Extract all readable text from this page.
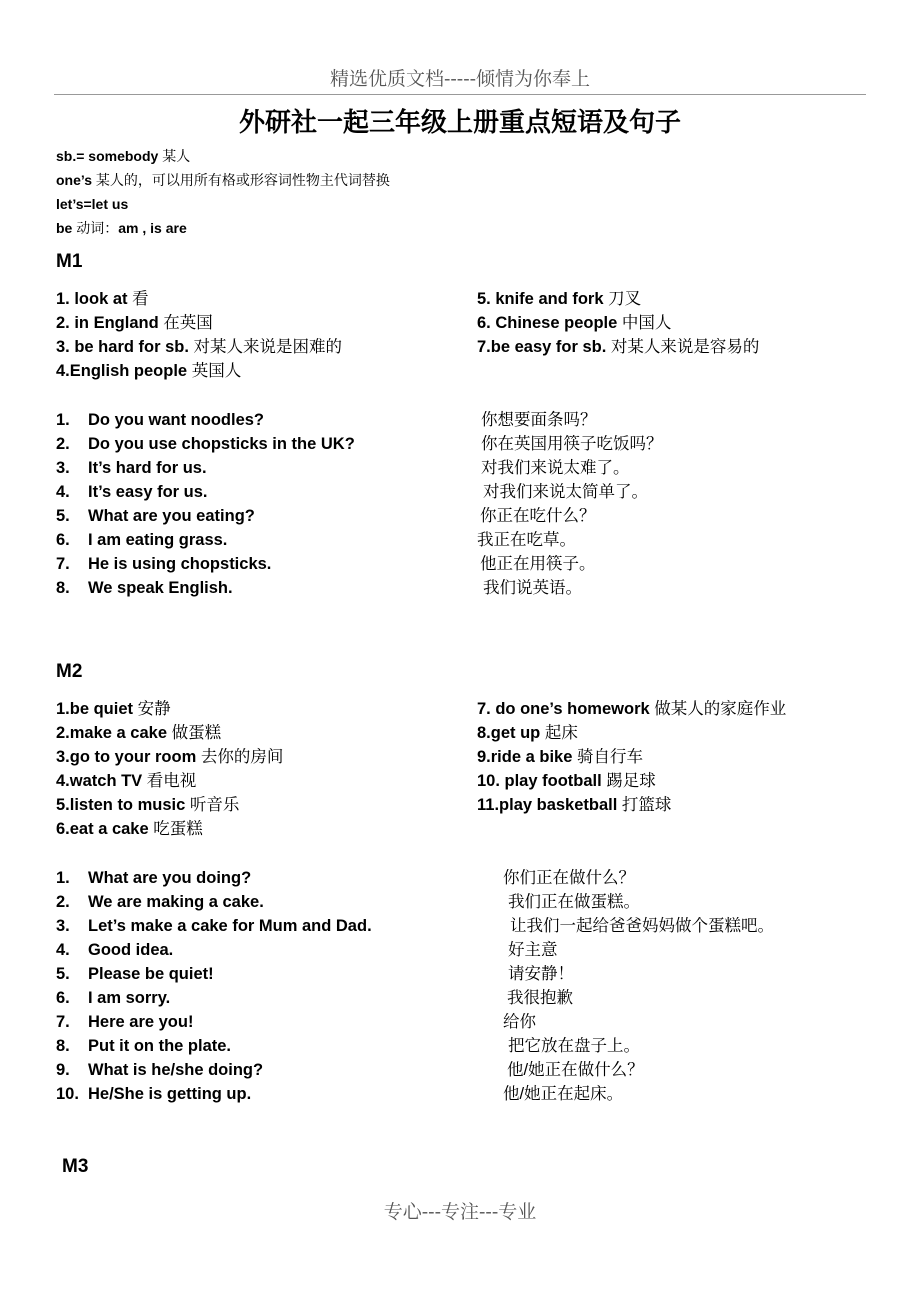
精选优质文档-----倾情为你奉上
外研社一起三年级上册重点短语及句子
sb.= somebody 某人
one’s 某人的，可以用所有格或形容词性物主代词替换
let’s=let us
be 动词：am , is are
M1
1. look at 看
2. in England 在英国
3. be hard for sb. 对某人来说是困难的
4.English people 英国人
5. knife and fork 刀叉
6. Chinese people 中国人
7.be easy for sb. 对某人来说是容易的
1. Do you want noodles?	你想要面条吗？
2. Do you use chopsticks in the UK?	你在英国用筷子吃饭吗？
3. It’s hard for us.	对我们来说太难了。
4. It’s easy for us.	对我们来说太简单了。
5. What are you eating?	你正在吃什么？
6. I am eating grass.	我正在吃草。
7. He is using chopsticks.	他正在用筷子。
8. We speak English.	我们说英语。
M2
1.be quiet 安静
2.make a cake 做蛋糕
3.go to your room 去你的房间
4.watch TV 看电视
5.listen to music 听音乐
6.eat a cake 吃蛋糕
7. do one’s homework 做某人的家庭作业
8.get up 起床
9.ride a bike 骑自行车
10. play football 踢足球
11.play basketball 打篮球
1. What are you doing?	你们正在做什么？
2. We are making a cake.	我们正在做蛋糕。
3. Let’s make a cake for Mum and Dad.	让我们一起给爸爸妈妈做个蛋糕吧。
4. Good idea.	好主意
5. Please be quiet!	请安静！
6. I am sorry.	我很抱歉
7. Here are you!	给你
8. Put it on the plate.	把它放在盘子上。
9. What is he/she doing?	他/她正在做什么？
10. He/She is getting up.	他/她正在起床。
M3
专心---专注---专业
